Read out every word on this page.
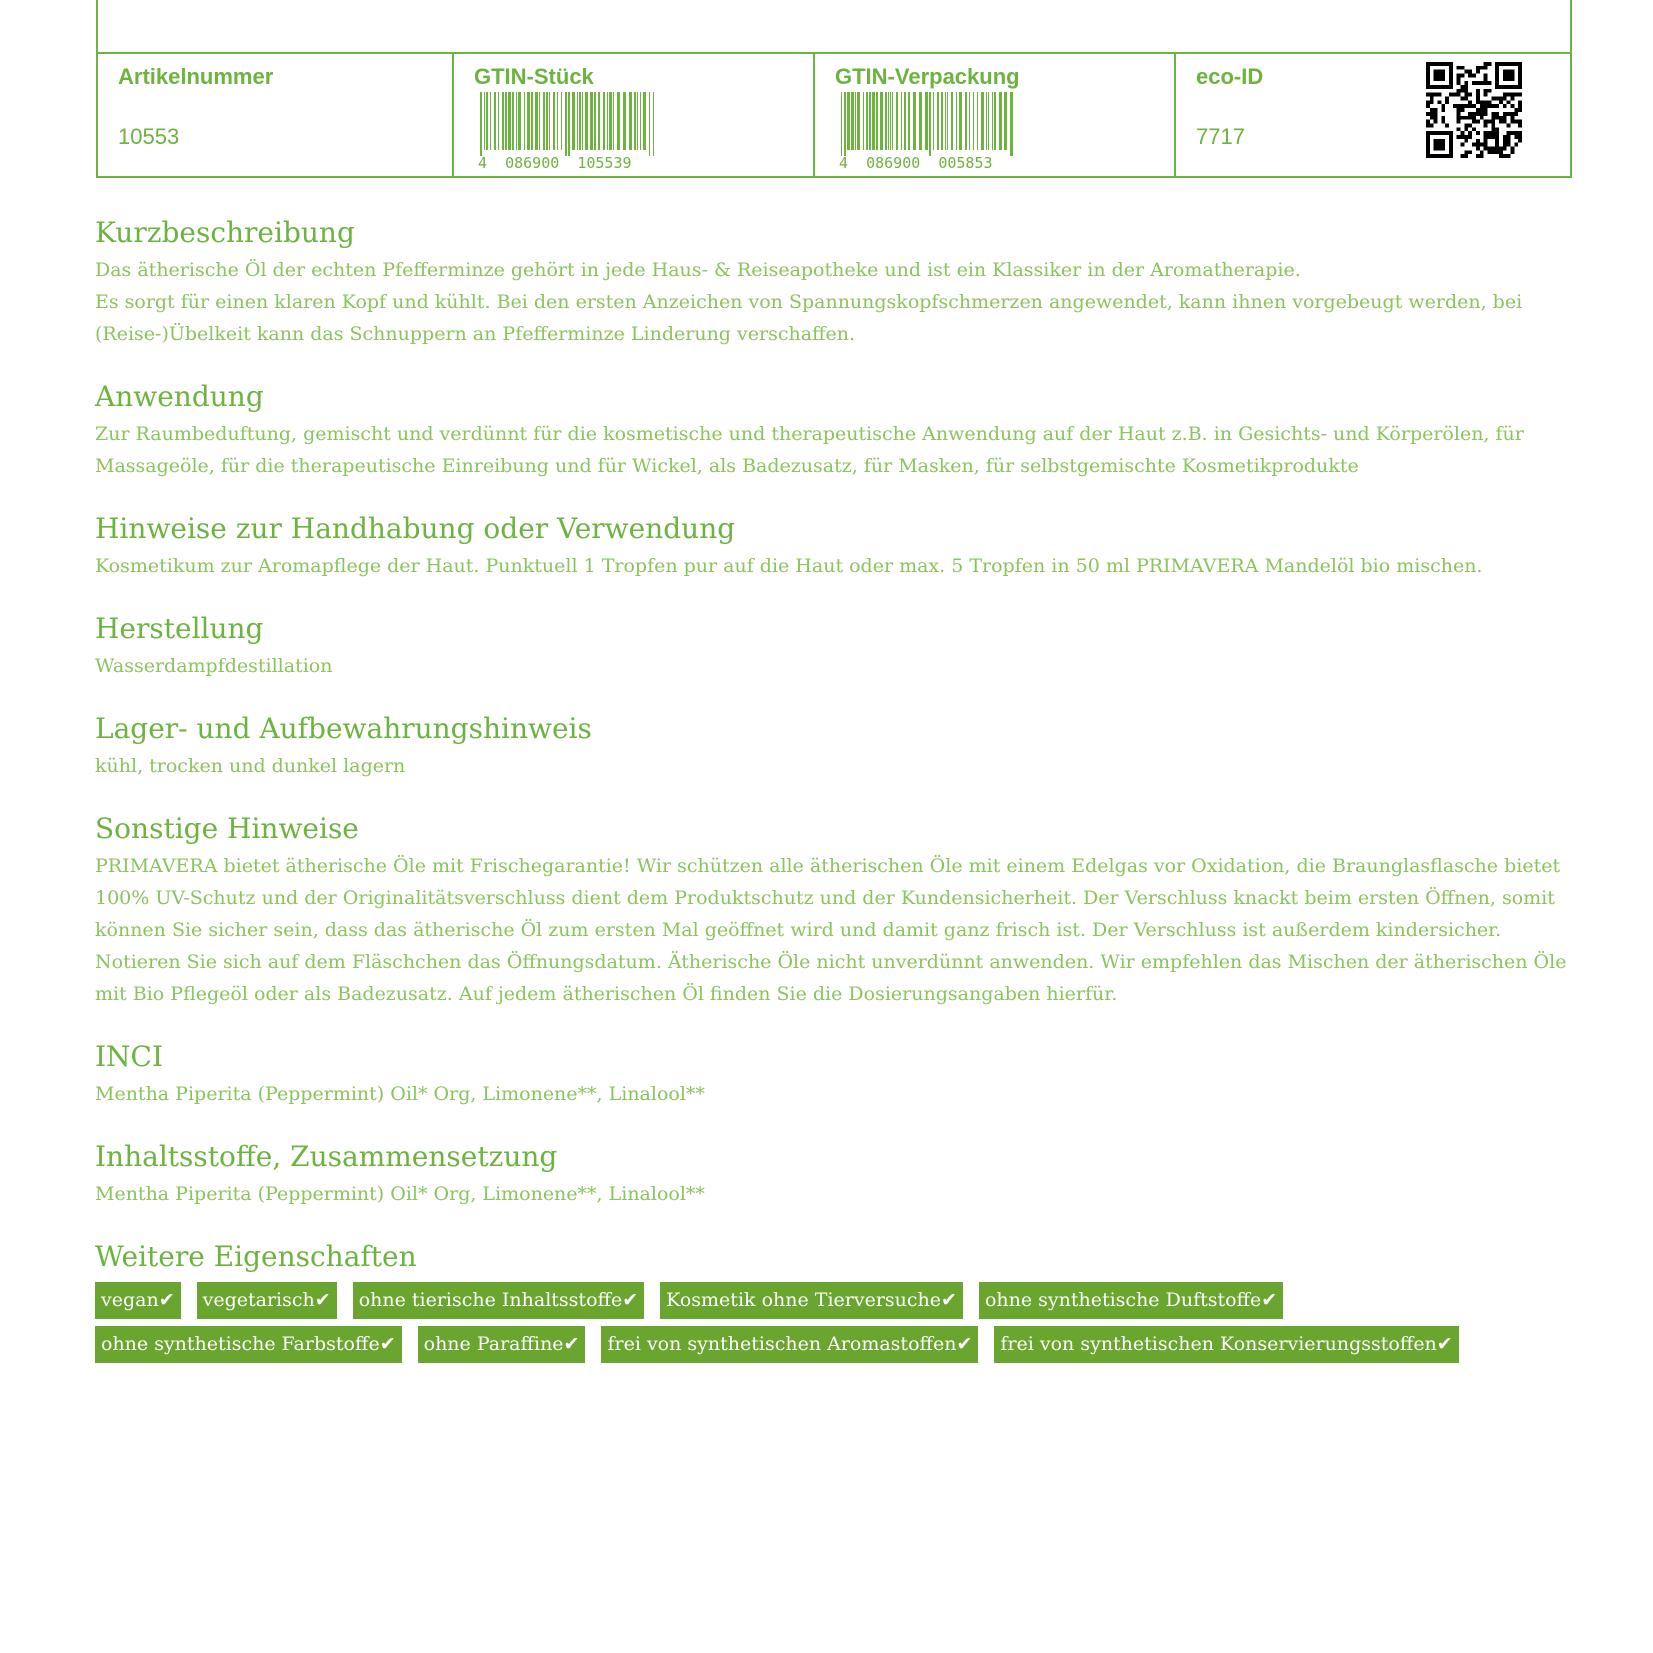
Artikelnummer
10553
GTIN-Stück
4  086900  105539
GTIN-Verpackung
4  086900  005853
eco-ID
7717
Kurzbeschreibung

Das ätherische Öl der echten Pfefferminze gehört in jede Haus- & Reiseapotheke und ist ein Klassiker in der Aromatherapie.
Es sorgt für einen klaren Kopf und kühlt. Bei den ersten Anzeichen von Spannungskopfschmerzen angewendet, kann ihnen vorgebeugt werden, bei (Reise-)Übelkeit kann das Schnuppern an Pfefferminze Linderung verschaffen.

Anwendung

Zur Raumbeduftung, gemischt und verdünnt für die kosmetische und therapeutische Anwendung auf der Haut z.B. in Gesichts- und Körperölen, für Massageöle, für die therapeutische Einreibung und für Wickel, als Badezusatz, für Masken, für selbstgemischte Kosmetikprodukte

Hinweise zur Handhabung oder Verwendung

Kosmetikum zur Aromapflege der Haut. Punktuell 1 Tropfen pur auf die Haut oder max. 5 Tropfen in 50 ml PRIMAVERA Mandelöl bio mischen.

Herstellung

Wasserdampfdestillation

Lager- und Aufbewahrungshinweis

kühl, trocken und dunkel lagern

Sonstige Hinweise

PRIMAVERA bietet ätherische Öle mit Frischegarantie! Wir schützen alle ätherischen Öle mit einem Edelgas vor Oxidation, die Braunglasflasche bietet 100% UV-Schutz und der Originalitätsverschluss dient dem Produktschutz und der Kundensicherheit. Der Verschluss knackt beim ersten Öffnen, somit können Sie sicher sein, dass das ätherische Öl zum ersten Mal geöffnet wird und damit ganz frisch ist. Der Verschluss ist außerdem kindersicher. Notieren Sie sich auf dem Fläschchen das Öffnungsdatum. Ätherische Öle nicht unverdünnt anwenden. Wir empfehlen das Mischen der ätherischen Öle mit Bio Pflegeöl oder als Badezusatz. Auf jedem ätherischen Öl finden Sie die Dosierungsangaben hierfür.

INCI

Mentha Piperita (Peppermint) Oil* Org, Limonene**, Linalool**

Inhaltsstoffe, Zusammensetzung

Mentha Piperita (Peppermint) Oil* Org, Limonene**, Linalool**

Weitere Eigenschaften
vegan✔	vegetarisch✔	ohne tierische Inhaltsstoffe✔	Kosmetik ohne Tierversuche✔	ohne synthetische Duftstoffe✔
ohne synthetische Farbstoffe✔	ohne Paraffine✔	frei von synthetischen Aromastoffen✔	frei von synthetischen Konservierungsstoffen✔
